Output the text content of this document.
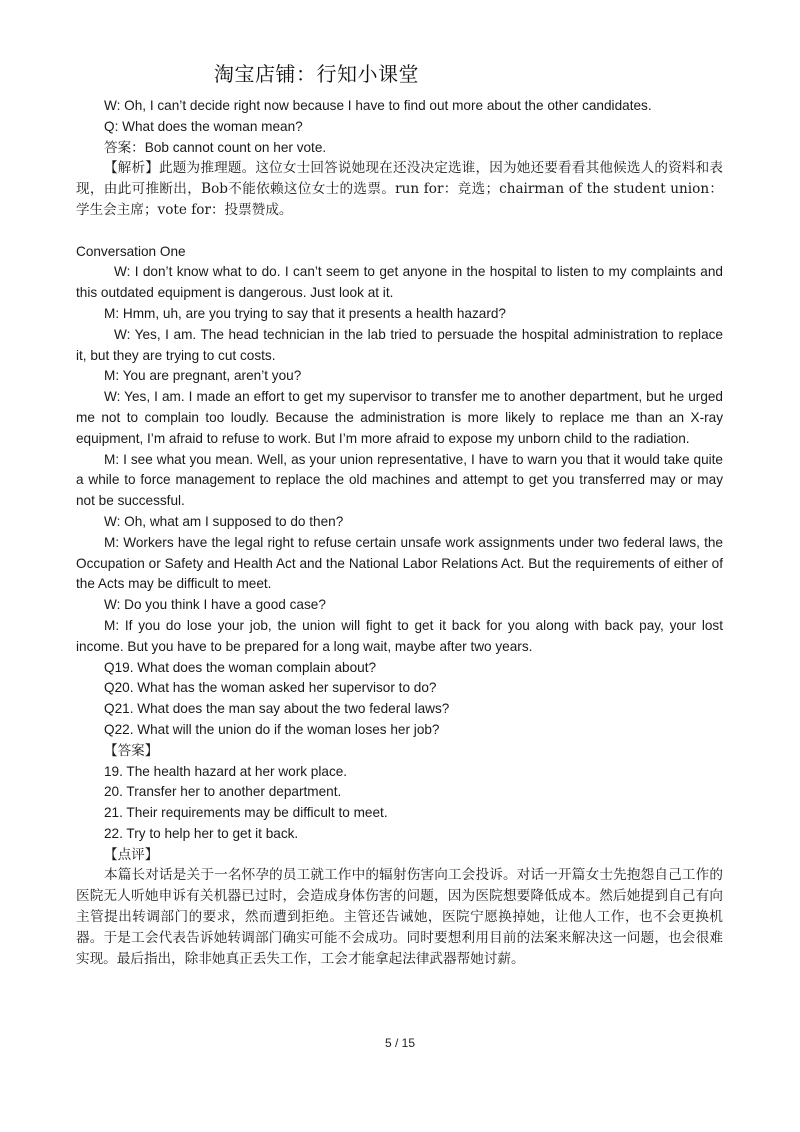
淘宝店铺：行知小课堂

W: Oh, I can’t decide right now because I have to find out more about the other candidates.

Q: What does the woman mean?

答案：Bob cannot count on her vote.

【解析】此题为推理题。这位女士回答说她现在还没决定选谁，因为她还要看看其他候选人的资料和表现，由此可推断出，Bob不能依赖这位女士的选票。run for：竞选；chairman of the student union：学生会主席；vote for：投票赞成。

Conversation One

W: I don’t know what to do. I can’t seem to get anyone in the hospital to listen to my complaints and this outdated equipment is dangerous. Just look at it.

M: Hmm, uh, are you trying to say that it presents a health hazard?

W: Yes, I am. The head technician in the lab tried to persuade the hospital administration to replace it, but they are trying to cut costs.

M: You are pregnant, aren’t you?

W: Yes, I am. I made an effort to get my supervisor to transfer me to another department, but he urged me not to complain too loudly. Because the administration is more likely to replace me than an X-ray equipment, I’m afraid to refuse to work. But I’m more afraid to expose my unborn child to the radiation.

M: I see what you mean. Well, as your union representative, I have to warn you that it would take quite a while to force management to replace the old machines and attempt to get you transferred may or may not be successful.

W: Oh, what am I supposed to do then?

M: Workers have the legal right to refuse certain unsafe work assignments under two federal laws, the Occupation or Safety and Health Act and the National Labor Relations Act. But the requirements of either of the Acts may be difficult to meet.

W: Do you think I have a good case?

M: If you do lose your job, the union will fight to get it back for you along with back pay, your lost income. But you have to be prepared for a long wait, maybe after two years.

Q19. What does the woman complain about?

Q20. What has the woman asked her supervisor to do?

Q21. What does the man say about the two federal laws?

Q22. What will the union do if the woman loses her job?

【答案】

19. The health hazard at her work place.

20. Transfer her to another department.

21. Their requirements may be difficult to meet.

22. Try to help her to get it back.

【点评】

本篇长对话是关于一名怀孕的员工就工作中的辐射伤害向工会投诉。对话一开篇女士先抱怨自己工作的医院无人听她申诉有关机器已过时，会造成身体伤害的问题，因为医院想要降低成本。然后她提到自己有向主管提出转调部门的要求，然而遭到拒绝。主管还告诫她，医院宁愿换掉她，让他人工作，也不会更换机器。于是工会代表告诉她转调部门确实可能不会成功。同时要想利用目前的法案来解决这一问题，也会很难实现。最后指出，除非她真正丢失工作，工会才能拿起法律武器帮她讨薪。

5 / 15
